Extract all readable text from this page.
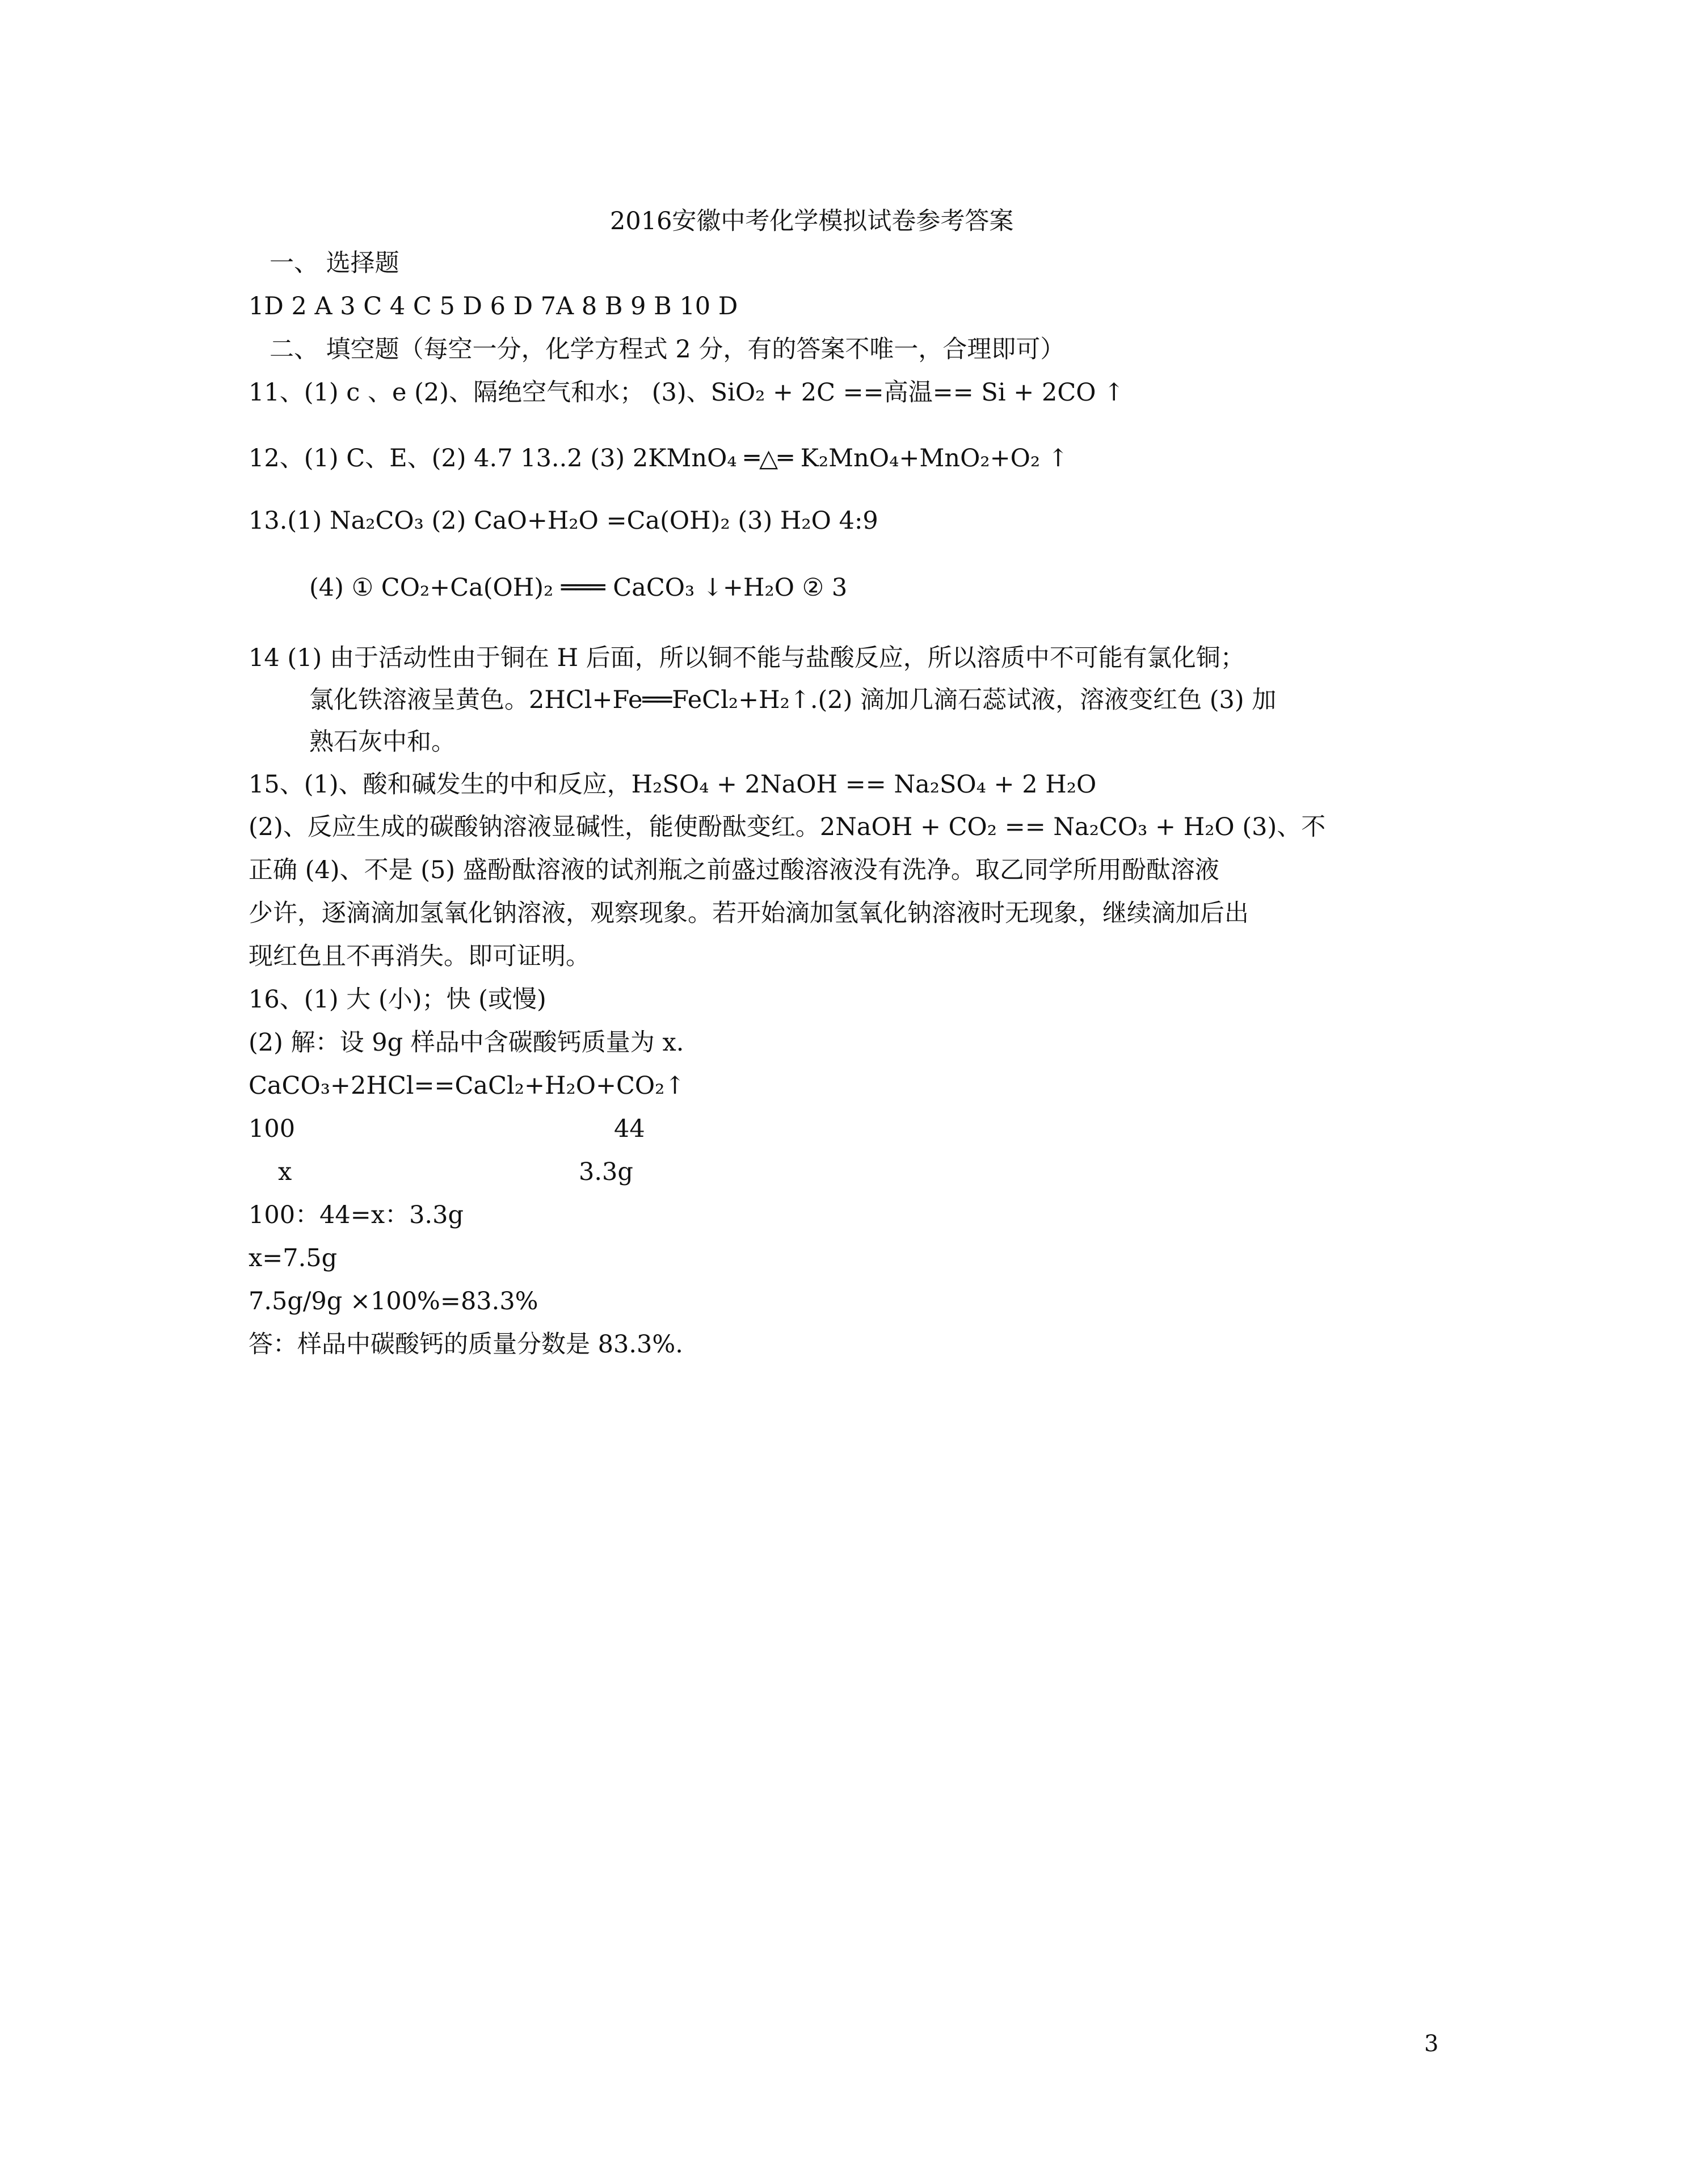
2016安徽中考化学模拟试卷参考答案
一、 选择题
1D 2 A 3 C 4 C 5 D 6 D 7A 8 B 9 B 10 D
二、 填空题（每空一分，化学方程式 2 分，有的答案不唯一，合理即可）
11、(1) c 、e (2)、隔绝空气和水； (3)、SiO₂ + 2C ==高温== Si + 2CO ↑
12、(1) C、E、(2) 4.7 13..2 (3) 2KMnO₄ ═△═ K₂MnO₄+MnO₂+O₂ ↑
13.(1) Na₂CO₃ (2) CaO+H₂O =Ca(OH)₂ (3) H₂O 4:9
(4) ① CO₂+Ca(OH)₂ ═══ CaCO₃ ↓+H₂O ② 3
14 (1) 由于活动性由于铜在 H 后面，所以铜不能与盐酸反应，所以溶质中不可能有氯化铜；
氯化铁溶液呈黄色。2HCl+Fe══FeCl₂+H₂↑.(2) 滴加几滴石蕊试液，溶液变红色 (3) 加
熟石灰中和。
15、(1)、酸和碱发生的中和反应，H₂SO₄ + 2NaOH == Na₂SO₄ + 2 H₂O
(2)、反应生成的碳酸钠溶液显碱性，能使酚酞变红。2NaOH + CO₂ == Na₂CO₃ + H₂O (3)、不
正确 (4)、不是 (5) 盛酚酞溶液的试剂瓶之前盛过酸溶液没有洗净。取乙同学所用酚酞溶液
少许，逐滴滴加氢氧化钠溶液，观察现象。若开始滴加氢氧化钠溶液时无现象，继续滴加后出
现红色且不再消失。即可证明。
16、(1) 大 (小)；快 (或慢)
(2) 解：设 9g 样品中含碳酸钙质量为 x.
CaCO₃+2HCl==CaCl₂+H₂O+CO₂↑
100	44
x	3.3g
100：44=x：3.3g
x=7.5g
7.5g/9g ×100%=83.3%
答：样品中碳酸钙的质量分数是 83.3%.
3
